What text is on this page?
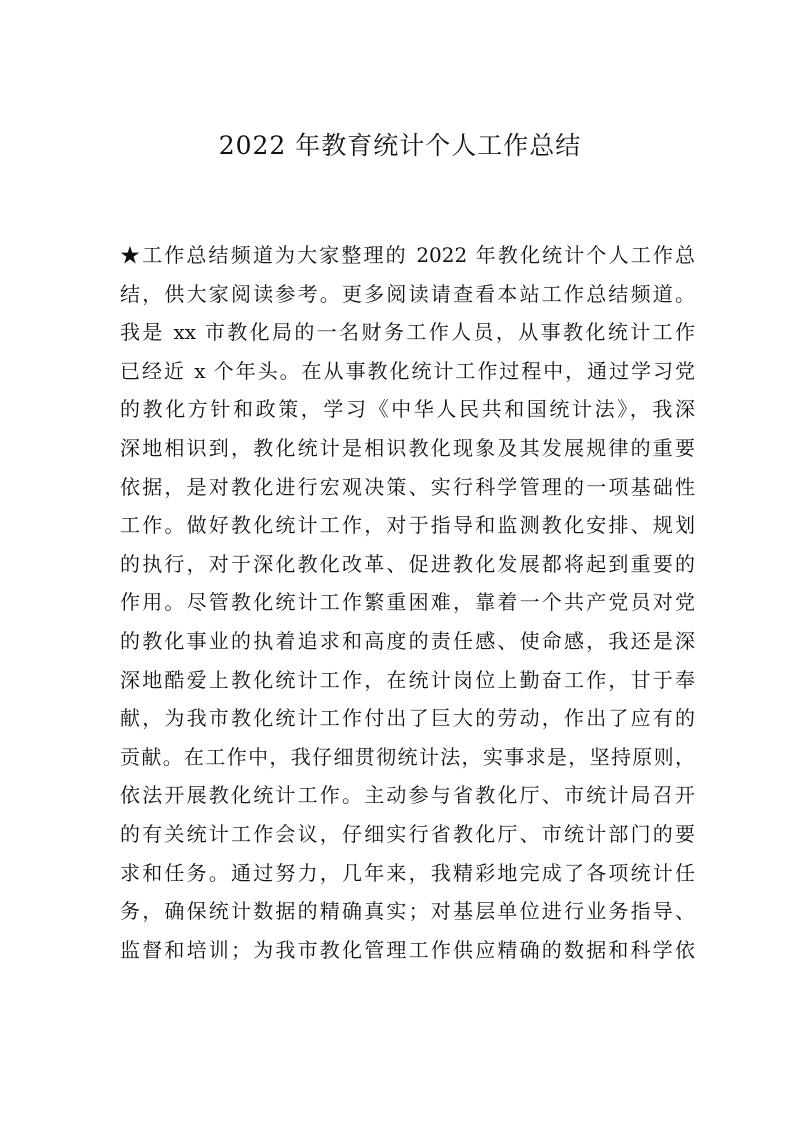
2022 年教育统计个人工作总结
★工作总结频道为大家整理的 2022 年教化统计个人工作总
结，供大家阅读参考。更多阅读请查看本站工作总结频道。
我是 xx 市教化局的一名财务工作人员，从事教化统计工作
已经近 x 个年头。在从事教化统计工作过程中，通过学习党
的教化方针和政策，学习《中华人民共和国统计法》，我深
深地相识到，教化统计是相识教化现象及其发展规律的重要
依据，是对教化进行宏观决策、实行科学管理的一项基础性
工作。做好教化统计工作，对于指导和监测教化安排、规划
的执行，对于深化教化改革、促进教化发展都将起到重要的
作用。尽管教化统计工作繁重困难，靠着一个共产党员对党
的教化事业的执着追求和高度的责任感、使命感，我还是深
深地酷爱上教化统计工作，在统计岗位上勤奋工作，甘于奉
献，为我市教化统计工作付出了巨大的劳动，作出了应有的
贡献。在工作中，我仔细贯彻统计法，实事求是，坚持原则，
依法开展教化统计工作。主动参与省教化厅、市统计局召开
的有关统计工作会议，仔细实行省教化厅、市统计部门的要
求和任务。通过努力，几年来，我精彩地完成了各项统计任
务，确保统计数据的精确真实；对基层单位进行业务指导、
监督和培训；为我市教化管理工作供应精确的数据和科学依
